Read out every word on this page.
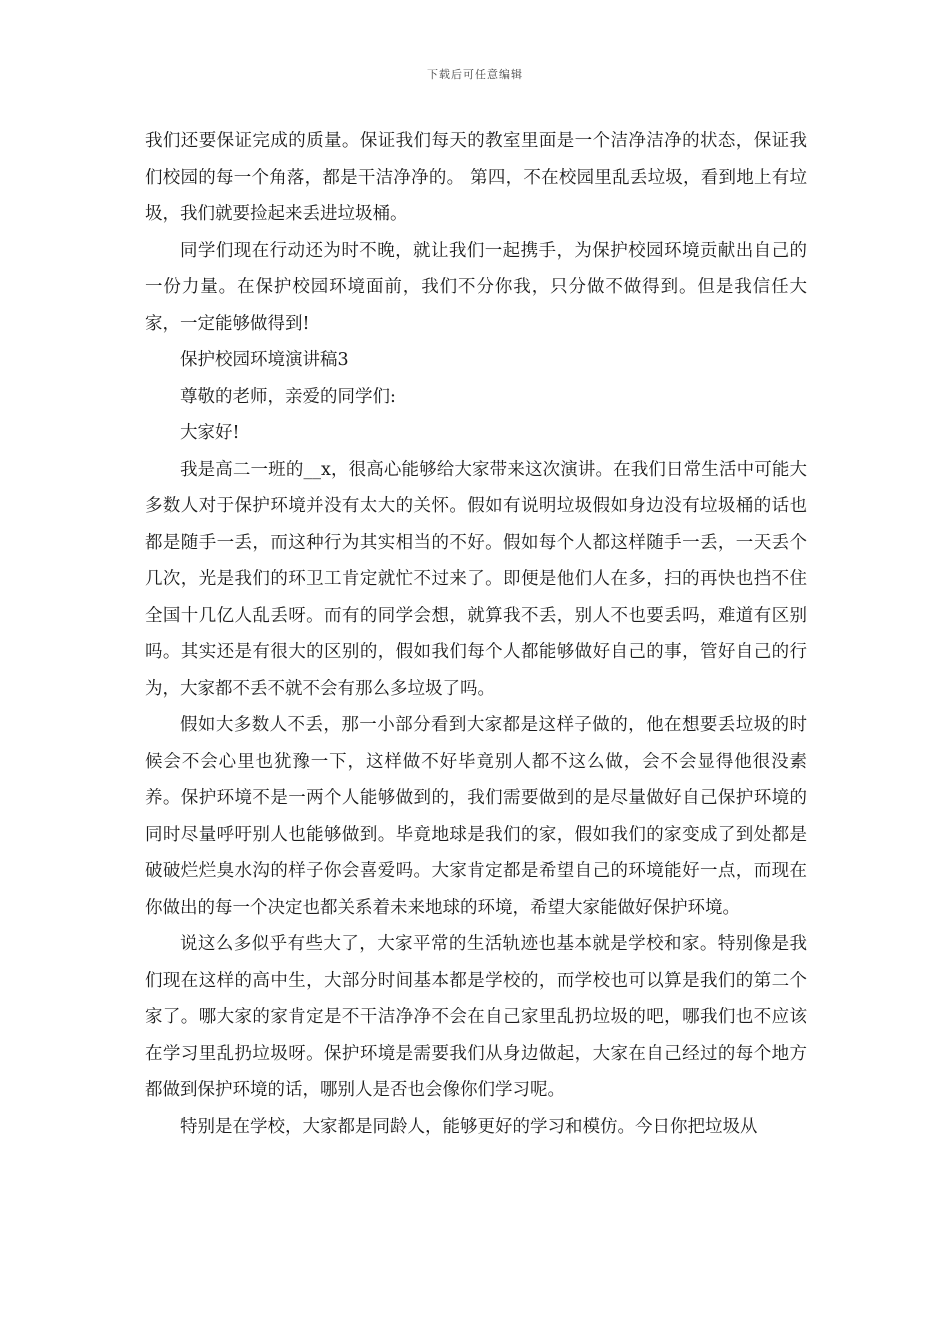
下载后可任意编辑

我们还要保证完成的质量。保证我们每天的教室里面是一个洁净洁净的状态，保证我们校园的每一个角落，都是干洁净净的。 第四，不在校园里乱丢垃圾，看到地上有垃圾，我们就要捡起来丢进垃圾桶。

同学们现在行动还为时不晚，就让我们一起携手，为保护校园环境贡献出自己的一份力量。在保护校园环境面前，我们不分你我，只分做不做得到。但是我信任大家，一定能够做得到!

保护校园环境演讲稿3

尊敬的老师，亲爱的同学们:

大家好!

我是高二一班的__x，很高心能够给大家带来这次演讲。在我们日常生活中可能大多数人对于保护环境并没有太大的关怀。假如有说明垃圾假如身边没有垃圾桶的话也都是随手一丢，而这种行为其实相当的不好。假如每个人都这样随手一丢，一天丢个几次，光是我们的环卫工肯定就忙不过来了。即便是他们人在多，扫的再快也挡不住全国十几亿人乱丢呀。而有的同学会想，就算我不丢，别人不也要丢吗，难道有区别吗。其实还是有很大的区别的，假如我们每个人都能够做好自己的事，管好自己的行为，大家都不丢不就不会有那么多垃圾了吗。

假如大多数人不丢，那一小部分看到大家都是这样子做的，他在想要丢垃圾的时候会不会心里也犹豫一下，这样做不好毕竟别人都不这么做，会不会显得他很没素养。保护环境不是一两个人能够做到的，我们需要做到的是尽量做好自己保护环境的同时尽量呼吁别人也能够做到。毕竟地球是我们的家，假如我们的家变成了到处都是破破烂烂臭水沟的样子你会喜爱吗。大家肯定都是希望自己的环境能好一点，而现在你做出的每一个决定也都关系着未来地球的环境，希望大家能做好保护环境。

说这么多似乎有些大了，大家平常的生活轨迹也基本就是学校和家。特别像是我们现在这样的高中生，大部分时间基本都是学校的，而学校也可以算是我们的第二个家了。哪大家的家肯定是不干洁净净不会在自己家里乱扔垃圾的吧，哪我们也不应该在学习里乱扔垃圾呀。保护环境是需要我们从身边做起，大家在自己经过的每个地方都做到保护环境的话，哪别人是否也会像你们学习呢。

特别是在学校，大家都是同龄人，能够更好的学习和模仿。今日你把垃圾从
